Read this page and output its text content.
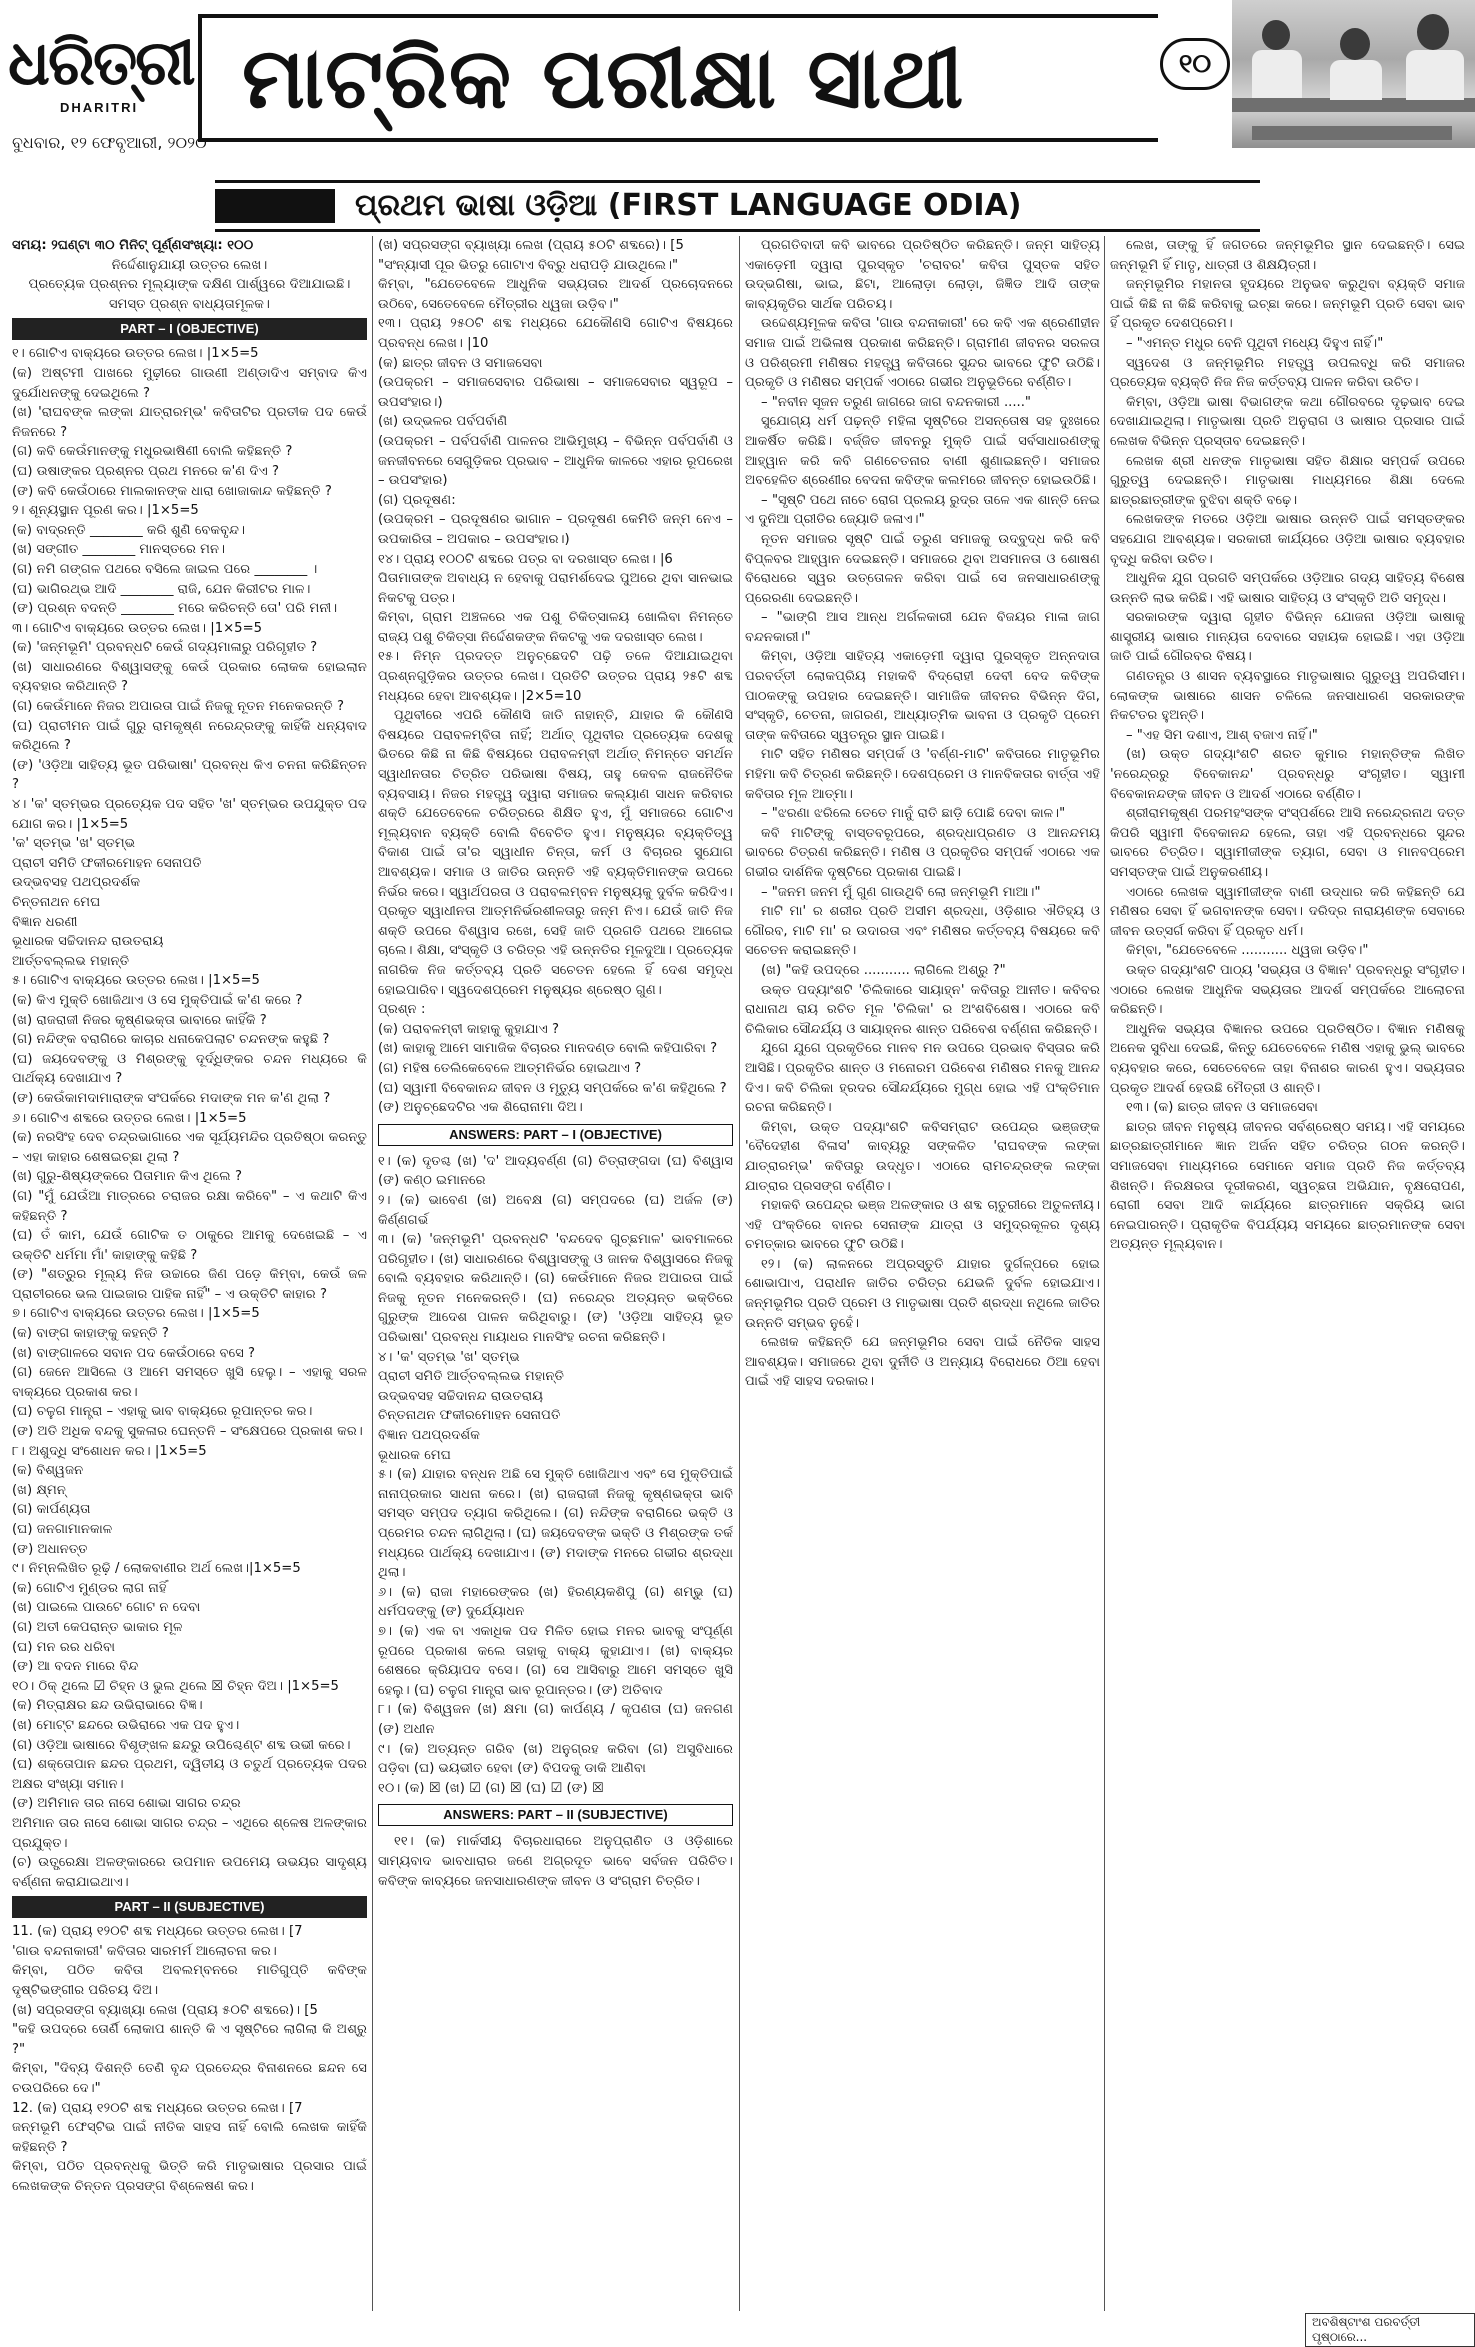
ଧରିତ୍ରୀ
DHARITRI
ବୁଧବାର, ୧୨ ଫେବୃଆରୀ, ୨୦୨୦
ମାଟ୍ରିକ ପରୀକ୍ଷା ସାଥୀ	୧୦
ପ୍ରଥମ ଭାଷା ଓଡ଼ିଆ (FIRST LANGUAGE ODIA)
ସମୟ: ୨ଘଣ୍ଟା ୩୦ ମିନିଟ୍ ପୂର୍ଣ୍ଣସଂଖ୍ୟା: ୧୦୦
ନିର୍ଦ୍ଦେଶାନୁଯାୟୀ ଉତ୍ତର ଲେଖ।
ପ୍ରତ୍ୟେକ ପ୍ରଶ୍ନର ମୂଲ୍ୟାଙ୍କ ଦକ୍ଷିଣ ପାର୍ଶ୍ୱରେ ଦିଆଯାଇଛି।
ସମସ୍ତ ପ୍ରଶ୍ନ ବାଧ୍ୟତାମୂଳକ।
PART – I (OBJECTIVE)
୧। ଗୋଟିଏ ବାକ୍ୟରେ ଉତ୍ତର ଲେଖ। |1×5=5
(କ) ଅଷ୍ଟମୀ ପାଖରେ ମୁଢ଼ୀରେ ଗାଉଣୀ ଅଣ୍ଡାଦିଏ ସମ୍ବାଦ କିଏ ଦୁର୍ଯୋଧନଙ୍କୁ ଦେଇଥିଲେ ?
(ଖ) 'ରାଘବଙ୍କ ଲଙ୍କା ଯାତ୍ରାରମ୍ଭ' କବିତାଟିର ପ୍ରତୀକ ପଦ କେଉଁ ନିଜନରେ ?
(ଗ) କବି କେଉଁମାନଙ୍କୁ ମଧୁରଭାଷିଣୀ ବୋଲି କହିଛନ୍ତି ?
(ଘ) ଉଷାଙ୍କର ପ୍ରଶ୍ନର ପ୍ରଥ ମନରେ କ'ଣ ଦିଏ ?
(ଙ) କବି କେଉଁଠାରେ ମାଲକାନଙ୍କ ଧାରା ଖୋଜାକାନ୍ଦ କହିଛନ୍ତି ?
୨। ଶୂନ୍ୟସ୍ଥାନ ପୂରଣ କର। |1×5=5
(କ) ବାଦ୍ରନ୍ତି ________ କରି ଶୁଣି ବେକବୃନ୍ଦ।
(ଖ) ସଙ୍ଗୀତ ________ ମାନସ୍ତରେ ମନ।
(ଗ) ନମି ଗଙ୍ଗଳ ପଥରେ ବସିଲେ ଜାଇଲ ପରେ ________ ।
(ଘ) ଭାଗିରଥ୍ଭ ଆଦି ________ ରାଜି, ଯେନ କିରୀଟର ମାଳ।
(ଙ) ପ୍ରଶ୍ନ ବଦନ୍ତି ________ ମରେ କରିଚନ୍ତି ତୋ' ପରି ମନୀ।
୩। ଗୋଟିଏ ବାକ୍ୟରେ ଉତ୍ତର ଲେଖ। |1×5=5
(କ) 'ଜନ୍ମଭୂମି' ପ୍ରବନ୍ଧଟି କେଉଁ ଗଦ୍ୟମାଳାରୁ ପରିଗୃହୀତ ?
(ଖ) ସାଧାରଣରେ ବିଶ୍ୱାସଙ୍କୁ କେଉଁ ପ୍ରକାର ଲୋକକ ହୋଇଲାନ ବ୍ୟବହାର କରିଥାନ୍ତି ?
(ଗ) କେଉଁମାନେ ନିଜର ଅପାରତା ପାଇଁ ନିଜକୁ ନୂତନ ମନେକରନ୍ତି ?
(ଘ) ପ୍ରାଚୀମନ ପାଇଁ ଗୁରୁ ରାମକୃଷ୍ଣ ନରେନ୍ଦ୍ରଙ୍କୁ କାହିଁକି ଧନ୍ୟବାଦ କରିଥିଲେ ?
(ଙ) 'ଓଡ଼ିଆ ସାହିତ୍ୟ ଭୂତ ପରିଭାଷା' ପ୍ରବନ୍ଧ କିଏ ଚନନା କରିଛିନ୍ତନ ?
୪। 'କ' ସ୍ତମ୍ଭର ପ୍ରତ୍ୟେକ ପଦ ସହିତ 'ଖ' ସ୍ତମ୍ଭର ଉପଯୁକ୍ତ ପଦ ଯୋଗ କର। |1×5=5
'କ' ସ୍ତମ୍ଭ 'ଖ' ସ୍ତମ୍ଭ
ପ୍ରାଚୀ ସମିତି ଫକୀରମୋହନ ସେନାପତି
ଉଦ୍ଭବସହ ପଥପ୍ରଦର୍ଶକ
ଚିନ୍ତନାଥନ ମେଘ
ବିଜ୍ଞାନ ଧରଣୀ
ଭୂଧାରକ ସଚ୍ଚିଦାନନ୍ଦ ରାଉତରାୟ
ଆର୍ତ୍ତବଲ୍ଲଭ ମହାନ୍ତି
୫। ଗୋଟିଏ ବାକ୍ୟରେ ଉତ୍ତର ଲେଖ। |1×5=5
(କ) କିଏ ମୁକ୍ତି ଖୋଜିଥାଏ ଓ ସେ ମୁକ୍ତିପାଇଁ କ'ଣ କରେ ?
(ଖ) ରାଜରାଜୀ ନିଜର କୃଷ୍ଣଭକ୍ତା ଭାବାରେ କାହିଁକି ?
(ଗ) ନନ୍ଦିଙ୍କ ବରାଗିରେ କାଚାର ଧନାକେପଲାଟ ଚନ୍ଦନଙ୍କ କହୁଛି ?
(ଘ) ଜୟଦେବଙ୍କୁ ଓ ମିଶ୍ରଙ୍କୁ ଦୂର୍ଦ୍ଧିଙ୍କର ଚନ୍ଦନ ମଧ୍ୟରେ କି ପାର୍ଥକ୍ୟ ଦେଖାଯାଏ ?
(ଙ) କେଉଁକାମଦାମାରାଙ୍କ ସଂପର୍କରେ ମଦାଙ୍କ ମନ କ'ଣ ଥିଲା ?
୬। ଗୋଟିଏ ଶବ୍ଦରେ ଉତ୍ତର ଲେଖ। |1×5=5
(କ) ନରସିଂହ ଦେବ ଚନ୍ଦ୍ରଭାଗାରେ ଏକ ସୂର୍ଯ୍ୟମନ୍ଦିର ପ୍ରତିଷ୍ଠା କରନ୍ତୁ – ଏହା କାହାର ଶେଷଇଚ୍ଛା ଥିଲା ?
(ଖ) ଗୁରୁ-ଶିଷ୍ୟଙ୍କରେ ପିତାମାନ କିଏ ଥିଲେ ?
(ଗ) "ମୁଁ ଯେଉଁଆ ମାତ୍ରରେ ଚରାଜର ରକ୍ଷା କରିବେ" – ଏ କଥାଟି କିଏ କହିଛନ୍ତି ?
(ଘ) ତଁ କାମ, ଯେଉଁ ଗୋଟିକ ତ ଠାକୁରେ ଆମକୁ ଦେଖେଇଛି – ଏ ଉକ୍ତିଟି ଧର୍ମମା ମାଁ' କାହାଙ୍କୁ କହିଛି ?
(ଙ) "ଶତ୍ରୁର ମୂଲ୍ୟ ନିଜ ଉଚ୍ଚାରେ ଜିଣ ପଡ଼େ କିମ୍ବା, କେଉଁ ଜଳ ପ୍ରାଚୀରରେ ଭଲ ପାଇଜାର ପାହିକ ନାହିଁ" – ଏ ଉକ୍ତିଟି କାହାର ?
୭। ଗୋଟିଏ ବାକ୍ୟରେ ଉତ୍ତର ଲେଖ। |1×5=5
(କ) ବାଙ୍ଗ କାହାଙ୍କୁ କହନ୍ତି ?
(ଖ) ବାଙ୍ଗାଳରେ ସବାନ ପଦ କେଉଁଠାରେ ବସେ ?
(ଗ) ଜେନେ ଆସିଲେ ଓ ଆମେ ସମସ୍ତେ ଖୁସି ହେଲୁ। – ଏହାକୁ ସରଳ ବାକ୍ୟରେ ପ୍ରକାଶ କର।
(ଘ) ଚଳୁଗ ମାନ୍ତ୍ରା – ଏହାକୁ ଭାବ ବାକ୍ୟରେ ରୂପାନ୍ତର କର।
(ଙ) ଅତି ଅଧିକ ବନ୍ଦକୁ ସୁକଳାର ଘେନ୍ତନି – ସଂକ୍ଷେପରେ ପ୍ରକାଶ କର।
୮। ଅଶୁଦ୍ଧି ସଂଶୋଧନ କର। |1×5=5
(କ) ବିଶ୍ୱଜନ
(ଖ) କ୍ଷ୍ମନ୍
(ଗ) କାର୍ପଣ୍ୟତା
(ଘ) ଜନଗାମାନକାଳ
(ଙ) ଅଧାନତ୍ତ
୯। ନିମ୍ନଲିଖିତ ରୂଢ଼ି / ଲୋକବାଣୀର ଅର୍ଥ ଲେଖ।|1×5=5
(କ) ଗୋଟିଏ ମୁଣ୍ଡର ଲାଗ ନାହିଁ
(ଖ) ପାଇଲେ ପାଉଟେ ଗୋଟ ନ ଦେବା
(ଗ) ଅତୀ କେପରାନ୍ତ ଭାକାର ମୂଳ
(ଘ) ମନ ରର ଧରିବା
(ଙ) ଆ ବଦନ ମାରେ ବିନ୍ଦ
୧୦। ଠିକ୍ ଥିଲେ ☑ ଚିହ୍ନ ଓ ଭୁଲ ଥିଲେ ☒ ଚିହ୍ନ ଦିଅ। |1×5=5
(କ) ମିତ୍ରାକ୍ଷର ଛନ୍ଦ ଉଭିରାଭାରେ ବିଜ୍ଞ।
(ଖ) ମୋଟ୍ଟ ଛନ୍ଦରେ ଉଭିରାରେ ଏକ ପଦ ହୁଏ।
(ଗ) ଓଡ଼ିଆ ଭାଷାରେ ବିଶୃଙ୍ଖଳ ଛନ୍ଦରୁ ଉପିଶ୍ଚେଣ୍ଟ ଶବ୍ଦ ଉଭୀ କରେ।
(ଘ) ଶକ୍ତୋପାନ ଛନ୍ଦର ପ୍ରଥମ, ଦ୍ୱିତୀୟ ଓ ଚତୁର୍ଥ ପ୍ରତ୍ୟେକ ପଦର ଅକ୍ଷର ସଂଖ୍ୟା ସମାନ।
(ଙ) ଅମିମାନ ତାର ନାସେ ଶୋଭା ସାଗର ଚନ୍ଦ୍ର
ଅମିମାନ ତାର ନାସେ ଶୋଭା ସାଗର ଚନ୍ଦ୍ର – ଏଥିରେ ଶ୍ଳେଷ ଅଳଙ୍କାର ପ୍ରଯୁକ୍ତ।
(ଚ) ଉତ୍ପ୍ରେକ୍ଷା ଅଳଙ୍କାରରେ ଉପମାନ ଉପମେୟ ଉଭୟର ସାଦୃଶ୍ୟ ବର୍ଣ୍ଣନା କରାଯାଇଥାଏ।
PART – II (SUBJECTIVE)
11. (କ) ପ୍ରାୟ ୧୨୦ଟି ଶବ୍ଦ ମଧ୍ୟରେ ଉତ୍ତର ଲେଖ। [7
'ଗାଉ ବନ୍ଦନାକାରୀ' କବିତାର ସାରମର୍ମ ଆଲୋଚନା କର।
କିମ୍ବା, ପଠିତ କବିତା ଅବଲମ୍ବନରେ ମାତିଗୁପ୍ତି କବିଙ୍କ ଦୃଷ୍ଟିଭଙ୍ଗୀର ପରିଚୟ ଦିଅ।
(ଖ) ସପ୍ରସଙ୍ଗ ବ୍ୟାଖ୍ୟା ଲେଖ (ପ୍ରାୟ ୫୦ଟି ଶବ୍ଦରେ)। [5
"କହି ଉପଦ୍ରେ ତୋର୍ଣି ଲୋକାପ ଶାନ୍ତି କି ଏ ସୃଷ୍ଟିରେ ଲାଗିଲା କି ଅଶ୍ରୁ ?"
କିମ୍ବା, "ଦିବ୍ୟ ଦିଶନ୍ତି ତେଣି ବୃନ୍ଦ ପ୍ରତେନ୍ଦ୍ର ବିନାଶନରେ ଛନ୍ଦନ ସେ ଚଉପରିରେ ଦେ।"
12. (କ) ପ୍ରାୟ ୧୨୦ଟି ଶବ୍ଦ ମଧ୍ୟରେ ଉତ୍ତର ଲେଖ। [7
ଜନ୍ମଭୂମି ଫେସ୍ଟିଭ ପାଇଁ ନୀତିକ ସାହସ ନାହିଁ ବୋଲି ଲେଖକ କାହିଁକି କହିଛନ୍ତି ?
କିମ୍ବା, ପଠିତ ପ୍ରବନ୍ଧକୁ ଭିତ୍ତି କରି ମାତୃଭାଷାର ପ୍ରସାର ପାଇଁ ଲେଖକଙ୍କ ଚିନ୍ତନ ପ୍ରସଙ୍ଗ ବିଶ୍ଳେଷଣ କର।
(ଖ) ସପ୍ରସଙ୍ଗ ବ୍ୟାଖ୍ୟା ଲେଖ (ପ୍ରାୟ ୫୦ଟି ଶବ୍ଦରେ)। [5
"ସଂନ୍ୟାସୀ ପୂର ଭିତରୁ ଗୋଟାଏ ବିବ୍ରୁ ଧରାପଡ଼ି ଯାଉଥିଲେ।"
କିମ୍ବା, "ଯେତେବେଳେ ଆଧୁନିକ ସଭ୍ୟତାର ଆଦର୍ଶ ପ୍ରଚୋଦନରେ ଉଠିବେ, ସେତେବେଳେ ମୈତ୍ରୀର ଧ୍ୱଜା ଉଡ଼ିବ।"
୧୩। ପ୍ରାୟ ୨୫୦ଟି ଶବ୍ଦ ମଧ୍ୟରେ ଯେକୌଣସି ଗୋଟିଏ ବିଷୟରେ ପ୍ରବନ୍ଧ ଲେଖ। |10
(କ) ଛାତ୍ର ଜୀବନ ଓ ସମାଜସେବା
(ଉପକ୍ରମ – ସମାଜସେବାର ପରିଭାଷା – ସମାଜସେବାର ସ୍ୱରୂପ – ଉପସଂହାର।)
(ଖ) ଉଦ୍ଭଳର ପର୍ବପର୍ବାଣି
(ଉପକ୍ରମ – ପର୍ବପର୍ବାଣି ପାଳନର ଆଭିମୁଖ୍ୟ – ବିଭିନ୍ନ ପର୍ବପର୍ବାଣି ଓ ଜନଜୀବନରେ ସେଗୁଡ଼ିକର ପ୍ରଭାବ – ଆଧୁନିକ କାଳରେ ଏହାର ରୂପରେଖ – ଉପସଂହାର)
(ଗ) ପ୍ରଦୂଷଣ:
(ଉପକ୍ରମ – ପ୍ରଦୂଷଣର ଭାଗାନ – ପ୍ରଦୂଷଣ କେମିତି ଜନ୍ମ ନେଏ – ଉପକାରିତା – ଅପକାର – ଉପସଂହାର।)
୧୪। ପ୍ରାୟ ୧୦୦ଟି ଶବ୍ଦରେ ପତ୍ର ବା ଦରଖାସ୍ତ ଲେଖ। |6
ପିତାମାତାଙ୍କ ଅବାଧ୍ୟ ନ ହେବାକୁ ପରାମର୍ଶଦେଇ ପୁଅରେ ଥିବା ସାନଭାଇ ନିକଟକୁ ପତ୍ର।
କିମ୍ବା, ଗ୍ରାମ ଅଞ୍ଚଳରେ ଏକ ପଶୁ ଚିକିତ୍ସାଳୟ ଖୋଲିବା ନିମନ୍ତେ ରାଜ୍ୟ ପଶୁ ଚିକିତ୍ସା ନିର୍ଦ୍ଦେଶକଙ୍କ ନିକଟକୁ ଏକ ଦରଖାସ୍ତ ଲେଖ।
୧୫। ନିମ୍ନ ପ୍ରଦତ୍ତ ଅନୁଚ୍ଛେଦଟି ପଢ଼ି ତଳେ ଦିଆଯାଇଥିବା ପ୍ରଶ୍ନଗୁଡ଼ିକର ଉତ୍ତର ଲେଖ। ପ୍ରତିଟି ଉତ୍ତର ପ୍ରାୟ ୨୫ଟି ଶବ୍ଦ ମଧ୍ୟରେ ହେବା ଆବଶ୍ୟକ। |2×5=10
ପୃଥିବୀରେ ଏପରି କୌଣସି ଜାତି ନାହାନ୍ତି, ଯାହାର କି କୌଣସି ବିଷୟରେ ପରାବଳମ୍ବିତା ନାହିଁ; ଅର୍ଥାତ୍ ପୃଥିବୀର ପ୍ରତ୍ୟେକ ଦେଶକୁ ଭିତରେ କିଛି ନା କିଛି ବିଷୟରେ ପରାବଳମ୍ବୀ ଅର୍ଥାତ୍ ନିମନ୍ତେ ସମର୍ଥନ ସ୍ୱାଧୀନତାର ଚିତ୍ରିତ ପରିଭାଷା ବିଷୟ, ତାହୁ କେବଳ ରାଜନୈତିକ ବ୍ୟବସାୟ। ନିଜର ମହତ୍ତ୍ୱ ଦ୍ୱାରା ସମାଜର କଲ୍ୟାଣ ସାଧନ କରିବାର ଶକ୍ତି ଯେତେବେଳେ ଚରିତ୍ରରେ ଶିକ୍ଷିତ ହୁଏ, ମୁଁ ସମାଜରେ ଗୋଟିଏ ମୂଲ୍ୟବାନ ବ୍ୟକ୍ତି ବୋଲି ବିବେଚିତ ହୁଏ। ମନୁଷ୍ୟର ବ୍ୟକ୍ତିତ୍ୱ ବିକାଶ ପାଇଁ ତା'ର ସ୍ୱାଧୀନ ଚିନ୍ତା, କର୍ମ ଓ ବିଚାରର ସୁଯୋଗ ଆବଶ୍ୟକ। ସମାଜ ଓ ଜାତିର ଉନ୍ନତି ଏହି ବ୍ୟକ୍ତିମାନଙ୍କ ଉପରେ ନିର୍ଭର କରେ। ସ୍ୱାର୍ଥପରତା ଓ ପରାବଲମ୍ବନ ମନୁଷ୍ୟକୁ ଦୁର୍ବଳ କରିଦିଏ। ପ୍ରକୃତ ସ୍ୱାଧୀନତା ଆତ୍ମନିର୍ଭରଶୀଳତାରୁ ଜନ୍ମ ନିଏ। ଯେଉଁ ଜାତି ନିଜ ଶକ୍ତି ଉପରେ ବିଶ୍ୱାସ ରଖେ, ସେହି ଜାତି ପ୍ରଗତି ପଥରେ ଆଗେଇ ଚାଲେ। ଶିକ୍ଷା, ସଂସ୍କୃତି ଓ ଚରିତ୍ର ଏହି ଉନ୍ନତିର ମୂଳଦୁଆ। ପ୍ରତ୍ୟେକ ନାଗରିକ ନିଜ କର୍ତ୍ତବ୍ୟ ପ୍ରତି ସଚେତନ ହେଲେ ହିଁ ଦେଶ ସମୃଦ୍ଧ ହୋଇପାରିବ। ସ୍ୱଦେଶପ୍ରେମ ମନୁଷ୍ୟର ଶ୍ରେଷ୍ଠ ଗୁଣ।
ପ୍ରଶ୍ନ :
(କ) ପରାବଳମ୍ବୀ କାହାକୁ କୁହାଯାଏ ?
(ଖ) କାହାକୁ ଆମେ ସାମାଜିକ ବିଚାରର ମାନଦଣ୍ଡ ବୋଲି କହିପାରିବା ?
(ଗ) ମହିଷ ତେଲିକେବେଳେ ଆତ୍ମନିର୍ଭର ହୋଇଥାଏ ?
(ଘ) ସ୍ୱାମୀ ବିବେକାନନ୍ଦ ଜୀବନ ଓ ମୃତ୍ୟୁ ସମ୍ପର୍କରେ କ'ଣ କହିଥିଲେ ?
(ଙ) ଅନୁଚ୍ଛେଦଟିର ଏକ ଶିରୋନାମା ଦିଅ।
ANSWERS: PART – I (OBJECTIVE)
୧। (କ) ଦୃତଶ୍ଚ (ଖ) 'ଦ' ଆଦ୍ୟବର୍ଣ୍ଣ (ଗ) ଚିତ୍ରାଙ୍ଗଦା (ଘ) ବିଶ୍ୱାସ (ଙ) କଣ୍ଠ ଇମାନରେ
୨। (କ) ଭାବେଣ (ଖ) ଅବେକ୍ଷ (ଗ) ସମ୍ପଦରେ (ଘ) ଅର୍ଜଳ (ଙ) କିର୍ଣ୍ଣଗର୍ଭ
୩। (କ) 'ଜନ୍ମଭୂମି' ପ୍ରବନ୍ଧଟି 'ବନ୍ଦଦେବ ଗୁଚ୍ଛମାଳ' ଭାବମାଳରେ ପରିଗୃହୀତ। (ଖ) ସାଧାରଣରେ ବିଶ୍ୱାସଙ୍କୁ ଓ ଜାନକ ବିଶ୍ୱାସରେ ନିଜକୁ ବୋଲି ବ୍ୟବହାର କରିଥାନ୍ତି। (ଗ) କେଉଁମାନେ ନିଜର ଅପାରତା ପାଇଁ ନିଜକୁ ନୂତନ ମନେକରନ୍ତି। (ଘ) ନରେନ୍ଦ୍ର ଅତ୍ୟନ୍ତ ଭକ୍ତିରେ ଗୁରୁଙ୍କ ଆଦେଶ ପାଳନ କରିଥିବାରୁ। (ଙ) 'ଓଡ଼ିଆ ସାହିତ୍ୟ ଭୂତ ପରିଭାଷା' ପ୍ରବନ୍ଧ ମାୟାଧର ମାନସିଂହ ରଚନା କରିଛନ୍ତି।
୪। 'କ' ସ୍ତମ୍ଭ 'ଖ' ସ୍ତମ୍ଭ
ପ୍ରାଚୀ ସମିତି ଆର୍ତ୍ତବଲ୍ଲଭ ମହାନ୍ତି
ଉଦ୍ଭବସହ ସଚ୍ଚିଦାନନ୍ଦ ରାଉତରାୟ
ଚିନ୍ତନାଥନ ଫକୀରମୋହନ ସେନାପତି
ବିଜ୍ଞାନ ପଥପ୍ରଦର୍ଶକ
ଭୂଧାରକ ମେଘ
୫। (କ) ଯାହାର ବନ୍ଧନ ଅଛି ସେ ମୁକ୍ତି ଖୋଜିଥାଏ ଏବଂ ସେ ମୁକ୍ତିପାଇଁ ନାନାପ୍ରକାର ସାଧନା କରେ। (ଖ) ରାଜରାଜୀ ନିଜକୁ କୃଷ୍ଣଭକ୍ତା ଭାବି ସମସ୍ତ ସମ୍ପଦ ତ୍ୟାଗ କରିଥିଲେ। (ଗ) ନନ୍ଦିଙ୍କ ବରାଗିରେ ଭକ୍ତି ଓ ପ୍ରେମର ଚନ୍ଦନ ଲାଗିଥିଲା। (ଘ) ଜୟଦେବଙ୍କ ଭକ୍ତି ଓ ମିଶ୍ରଙ୍କ ତର୍କ ମଧ୍ୟରେ ପାର୍ଥକ୍ୟ ଦେଖାଯାଏ। (ଙ) ମଦାଙ୍କ ମନରେ ଗଭୀର ଶ୍ରଦ୍ଧା ଥିଲା।
୬। (କ) ରାଜା ମହାରେଙ୍କର (ଖ) ହିରଣ୍ୟକଶିପୁ (ଗ) ଶମ୍ଭୁ (ଘ) ଧର୍ମପଦଙ୍କୁ (ଙ) ଦୁର୍ଯ୍ୟୋଧନ
୭। (କ) ଏକ ବା ଏକାଧିକ ପଦ ମିଳିତ ହୋଇ ମନର ଭାବକୁ ସଂପୂର୍ଣ୍ଣ ରୂପରେ ପ୍ରକାଶ କଲେ ତାହାକୁ ବାକ୍ୟ କୁହାଯାଏ। (ଖ) ବାକ୍ୟର ଶେଷରେ କ୍ରିୟାପଦ ବସେ। (ଗ) ସେ ଆସିବାରୁ ଆମେ ସମସ୍ତେ ଖୁସି ହେଲୁ। (ଘ) ଚଳୁଗ ମାନ୍ତ୍ରା ଭାବ ରୂପାନ୍ତର। (ଙ) ଅତିବାଦ
୮। (କ) ବିଶ୍ୱଜନ (ଖ) କ୍ଷମା (ଗ) କାର୍ପଣ୍ୟ / କୃପଣତା (ଘ) ଜନଗଣ (ଙ) ଅଧୀନ
୯। (କ) ଅତ୍ୟନ୍ତ ଗରିବ (ଖ) ଅନୁଗ୍ରହ କରିବା (ଗ) ଅସୁବିଧାରେ ପଡ଼ିବା (ଘ) ଭୟଭୀତ ହେବା (ଙ) ବିପଦକୁ ଡାକି ଆଣିବା
୧୦। (କ) ☒ (ଖ) ☑ (ଗ) ☒ (ଘ) ☑ (ଙ) ☒
ANSWERS: PART – II (SUBJECTIVE)
୧୧। (କ) ମାର୍କସୀୟ ବିଚାରଧାରାରେ ଅନୁପ୍ରାଣିତ ଓ ଓଡ଼ିଶାରେ ସାମ୍ୟବାଦ ଭାବଧାରାର ଜଣେ ଅଗ୍ରଦୂତ ଭାବେ ସର୍ବଜନ ପରିଚିତ। କବିଙ୍କ କାବ୍ୟରେ ଜନସାଧାରଣଙ୍କ ଜୀବନ ଓ ସଂଗ୍ରାମ ଚିତ୍ରିତ।
ପ୍ରଗତିବାଦୀ କବି ଭାବରେ ପ୍ରତିଷ୍ଠିତ କରିଛନ୍ତି। ଜନ୍ମ ସାହିତ୍ୟ ଏକାଡ଼େମୀ ଦ୍ୱାରା ପୁରସ୍କୃତ 'ଚରାବର' କବିତା ପୁସ୍ତକ ସହିତ ଉଦ୍ଭଗିଷା, ଭାଇ, ଛିଟା, ଆଲୋଡ଼ା ଲୋଡ଼ା, ଜିଜ୍ଞିଡ ଆଦି ତାଙ୍କ କାବ୍ୟକୃତିର ସାର୍ଥକ ପରିଚୟ।
ଉଦ୍ଦେଶ୍ୟମୂଳକ କବିତା 'ଗାଉ ବନ୍ଦନାକାରୀ' ରେ କବି ଏକ ଶ୍ରେଣୀହୀନ ସମାଜ ପାଇଁ ଅଭିଳାଷ ପ୍ରକାଶ କରିଛନ୍ତି। ଗ୍ରାମୀଣ ଜୀବନର ସରଳତା ଓ ପରିଶ୍ରମୀ ମଣିଷର ମହତ୍ତ୍ୱ କବିତାରେ ସୁନ୍ଦର ଭାବରେ ଫୁଟି ଉଠିଛି। ପ୍ରକୃତି ଓ ମଣିଷର ସମ୍ପର୍କ ଏଠାରେ ଗଭୀର ଅନୁଭୂତିରେ ବର୍ଣ୍ଣିତ।
– "ନବୀନ ସୂଜନ ତରୁଣ ଜାଗରେ ଜାଗ ବନ୍ଦନକାରୀ ....."
ସୁଯୋଗ୍ୟ ଧର୍ମ ପଢ଼ନ୍ତି ମହିଳା ସୃଷ୍ଟିରେ ଅସନ୍ତୋଷ ସହ ଦୁଃଖରେ ଆକର୍ଷିତ କରିଛି। ବର୍ଜ୍ଜିତ ଜୀବନରୁ ମୁକ୍ତି ପାଇଁ ସର୍ବସାଧାରଣଙ୍କୁ ଆହ୍ୱାନ କରି କବି ଗଣଚେତନାର ବାଣୀ ଶୁଣାଇଛନ୍ତି। ସମାଜର ଅବହେଳିତ ଶ୍ରେଣୀର ବେଦନା କବିଙ୍କ କଲମରେ ଜୀବନ୍ତ ହୋଇଉଠିଛି।
– "ସୃଷ୍ଟି ପଥେ ନାଚେ ରୋଗ ପ୍ରଲୟ ରୁଦ୍ର ତାଳେ ଏକ ଶାନ୍ତି ନେଇ ଏ ଦୁନିଆ ପ୍ରୀତିର ଜ୍ୟୋତି ଜଳାଏ।"
ନୂତନ ସମାଜର ସୃଷ୍ଟି ପାଇଁ ତରୁଣ ସମାଜକୁ ଉଦ୍ବୁଦ୍ଧ କରି କବି ବିପ୍ଳବର ଆହ୍ୱାନ ଦେଇଛନ୍ତି। ସମାଜରେ ଥିବା ଅସମାନତା ଓ ଶୋଷଣ ବିରୋଧରେ ସ୍ୱର ଉତ୍ତୋଳନ କରିବା ପାଇଁ ସେ ଜନସାଧାରଣଙ୍କୁ ପ୍ରେରଣା ଦେଇଛନ୍ତି।
– "ଭାଙ୍ଗି ଆସ ଆନ୍ଧ ଅର୍ଗଳକାରୀ ଯେନ ବିଜୟର ମାଳା ଜାଗ ବନ୍ଦନକାରୀ।"
କିମ୍ବା, ଓଡ଼ିଆ ସାହିତ୍ୟ ଏକାଡ଼େମୀ ଦ୍ୱାରା ପୁରସ୍କୃତ ଅନ୍ନଦାତା ପରବର୍ତ୍ତୀ ଲୋକପ୍ରିୟ ମହାକବି ବିଦ୍ରୋହୀ ଦେବୀ ବେଦ କବିଙ୍କ ପାଠକଙ୍କୁ ଉପହାର ଦେଇଛନ୍ତି। ସାମାଜିକ ଜୀବନର ବିଭିନ୍ନ ଦିଗ, ସଂସ୍କୃତି, ଚେତନା, ଜାଗରଣ, ଆଧ୍ୟାତ୍ମିକ ଭାବନା ଓ ପ୍ରକୃତି ପ୍ରେମ ତାଙ୍କ କବିତାରେ ସ୍ୱତନ୍ତ୍ର ସ୍ଥାନ ପାଇଛି।
ମାଟି ସହିତ ମଣିଷର ସମ୍ପର୍କ ଓ 'ବର୍ଣ୍ଣ-ମାଟି' କବିତାରେ ମାତୃଭୂମିର ମହିମା କବି ଚିତ୍ରଣ କରିଛନ୍ତି। ଦେଶପ୍ରେମ ଓ ମାନବିକତାର ବାର୍ତ୍ତା ଏହି କବିତାର ମୂଳ ଆତ୍ମା।
– "ଝରଣା ଝରିଲେ ତେତେ ମାନୁଁ ରାତି ଛାଡ଼ି ପୋଛି ଦେବା କାଳ।"
କବି ମାଟିଙ୍କୁ ବାସ୍ତବରୂପରେ, ଶ୍ରଦ୍ଧାପ୍ରଣତ ଓ ଆନନ୍ଦମୟ ଭାବରେ ଚିତ୍ରଣ କରିଛନ୍ତି। ମଣିଷ ଓ ପ୍ରକୃତିର ସମ୍ପର୍କ ଏଠାରେ ଏକ ଗଭୀର ଦାର୍ଶନିକ ଦୃଷ୍ଟିରେ ପ୍ରକାଶ ପାଇଛି।
– "ଜନମ ଜନମ ମୁଁ ଗୁଣ ଗାଉଥିବି ଲୋ ଜନ୍ମଭୂମି ମାଆ।"
ମାଟି ମା' ର ଶରୀର ପ୍ରତି ଅସୀମ ଶ୍ରଦ୍ଧା, ଓଡ଼ିଶାର ଐତିହ୍ୟ ଓ ଗୌରବ, ମାଟି ମା' ର ଉଦାରତା ଏବଂ ମଣିଷର କର୍ତ୍ତବ୍ୟ ବିଷୟରେ କବି ସଚେତନ କରାଇଛନ୍ତି।
(ଖ) "କହି ଉପଦ୍ରେ ........... ଲାଗିଲେ ଅଶ୍ରୁ ?"
ଉକ୍ତ ପଦ୍ୟାଂଶଟି 'ଚିଲିକାରେ ସାୟାହ୍ନ' କବିତାରୁ ଆନୀତ। କବିବର ରାଧାନାଥ ରାୟ ରଚିତ ମୂଳ 'ଚିଲିକା' ର ଅଂଶବିଶେଷ। ଏଠାରେ କବି ଚିଲିକାର ସୌନ୍ଦର୍ଯ୍ୟ ଓ ସାୟାହ୍ନର ଶାନ୍ତ ପରିବେଶ ବର୍ଣ୍ଣନା କରିଛନ୍ତି।
ଯୁଗେ ଯୁଗେ ପ୍ରକୃତିରେ ମାନବ ମନ ଉପରେ ପ୍ରଭାବ ବିସ୍ତାର କରି ଆସିଛି। ପ୍ରକୃତିର ଶାନ୍ତ ଓ ମନୋରମ ପରିବେଶ ମଣିଷର ମନକୁ ଆନନ୍ଦ ଦିଏ। କବି ଚିଲିକା ହ୍ରଦର ସୌନ୍ଦର୍ଯ୍ୟରେ ମୁଗ୍ଧ ହୋଇ ଏହି ପଂକ୍ତିମାନ ରଚନା କରିଛନ୍ତି।
କିମ୍ବା, ଉକ୍ତ ପଦ୍ୟାଂଶଟି କବିସମ୍ରାଟ ଉପେନ୍ଦ୍ର ଭଞ୍ଜଙ୍କ 'ବୈଦେହୀଶ ବିଳାସ' କାବ୍ୟରୁ ସଙ୍କଳିତ 'ରାଘବଙ୍କ ଲଙ୍କା ଯାତ୍ରାରମ୍ଭ' କବିତାରୁ ଉଦ୍ଧୃତ। ଏଠାରେ ରାମଚନ୍ଦ୍ରଙ୍କ ଲଙ୍କା ଯାତ୍ରାର ପ୍ରସଙ୍ଗ ବର୍ଣ୍ଣିତ।
ମହାକବି ଉପେନ୍ଦ୍ର ଭଞ୍ଜ ଅଳଙ୍କାର ଓ ଶବ୍ଦ ଚାତୁରୀରେ ଅତୁଳନୀୟ। ଏହି ପଂକ୍ତିରେ ବାନର ସେନାଙ୍କ ଯାତ୍ରା ଓ ସମୁଦ୍ରକୂଳର ଦୃଶ୍ୟ ଚମତ୍କାର ଭାବରେ ଫୁଟି ଉଠିଛି।
୧୨। (କ) ଲାଳନରେ ଅପ୍ରସ୍ତୁତି ଯାହାର ଦୁର୍ଗଳ୍ପରେ ହୋଇ ଶୋଭାପାଏ, ପରାଧୀନ ଜାତିର ଚରିତ୍ର ଯେଭଳି ଦୁର୍ବଳ ହୋଇଯାଏ। ଜନ୍ମଭୂମିର ପ୍ରତି ପ୍ରେମ ଓ ମାତୃଭାଷା ପ୍ରତି ଶ୍ରଦ୍ଧା ନଥିଲେ ଜାତିର ଉନ୍ନତି ସମ୍ଭବ ନୁହେଁ।
ଲେଖକ କହିଛନ୍ତି ଯେ ଜନ୍ମଭୂମିର ସେବା ପାଇଁ ନୈତିକ ସାହସ ଆବଶ୍ୟକ। ସମାଜରେ ଥିବା ଦୁର୍ନୀତି ଓ ଅନ୍ୟାୟ ବିରୋଧରେ ଠିଆ ହେବା ପାଇଁ ଏହି ସାହସ ଦରକାର।
ଲେଖ, ତାଙ୍କୁ ହିଁ ଜଗତରେ ଜନ୍ମଭୂମିର ସ୍ଥାନ ଦେଇଛନ୍ତି। ସେଇ ଜନ୍ମଭୂମି ହିଁ ମାତୃ, ଧାତ୍ରୀ ଓ ଶିକ୍ଷୟିତ୍ରୀ।
ଜନ୍ମଭୂମିର ମହାନତା ହୃଦୟରେ ଅନୁଭବ କରୁଥିବା ବ୍ୟକ୍ତି ସମାଜ ପାଇଁ କିଛି ନା କିଛି କରିବାକୁ ଇଚ୍ଛା କରେ। ଜନ୍ମଭୂମି ପ୍ରତି ସେବା ଭାବ ହିଁ ପ୍ରକୃତ ଦେଶପ୍ରେମ।
– "ଏମନ୍ତ ମଧୁର ବେନି ପୃଥିବୀ ମଧ୍ୟେ ଦିହୁଏ ନାହିଁ।"
ସ୍ୱଦେଶ ଓ ଜନ୍ମଭୂମିର ମହତ୍ତ୍ୱ ଉପଲବ୍ଧି କରି ସମାଜର ପ୍ରତ୍ୟେକ ବ୍ୟକ୍ତି ନିଜ ନିଜ କର୍ତ୍ତବ୍ୟ ପାଳନ କରିବା ଉଚିତ।
କିମ୍ବା, ଓଡ଼ିଆ ଭାଷା ବିଭାଗଙ୍କ କଥା ଗୌରବରେ ଦୃଢ଼ଭାବ ଦେଇ ଦେଖାଯାଇଥିଲା। ମାତୃଭାଷା ପ୍ରତି ଅନୁରାଗ ଓ ଭାଷାର ପ୍ରସାର ପାଇଁ ଲେଖକ ବିଭିନ୍ନ ପ୍ରସ୍ତାବ ଦେଇଛନ୍ତି।
ଲେଖକ ଶ୍ରୀ ଧନଙ୍କ ମାତୃଭାଷା ସହିତ ଶିକ୍ଷାର ସମ୍ପର୍କ ଉପରେ ଗୁରୁତ୍ୱ ଦେଇଛନ୍ତି। ମାତୃଭାଷା ମାଧ୍ୟମରେ ଶିକ୍ଷା ଦେଲେ ଛାତ୍ରଛାତ୍ରୀଙ୍କ ବୁଝିବା ଶକ୍ତି ବଢ଼େ।
ଲେଖକଙ୍କ ମତରେ ଓଡ଼ିଆ ଭାଷାର ଉନ୍ନତି ପାଇଁ ସମସ୍ତଙ୍କର ସହଯୋଗ ଆବଶ୍ୟକ। ସରକାରୀ କାର୍ଯ୍ୟରେ ଓଡ଼ିଆ ଭାଷାର ବ୍ୟବହାର ବୃଦ୍ଧି କରିବା ଉଚିତ।
ଆଧୁନିକ ଯୁଗ ପ୍ରଗତି ସମ୍ପର୍କରେ ଓଡ଼ିଆର ଗଦ୍ୟ ସାହିତ୍ୟ ବିଶେଷ ଉନ୍ନତି ଲାଭ କରିଛି। ଏହି ଭାଷାର ସାହିତ୍ୟ ଓ ସଂସ୍କୃତି ଅତି ସମୃଦ୍ଧ।
ସରକାରଙ୍କ ଦ୍ୱାରା ଗୃହୀତ ବିଭିନ୍ନ ଯୋଜନା ଓଡ଼ିଆ ଭାଷାକୁ ଶାସ୍ତ୍ରୀୟ ଭାଷାର ମାନ୍ୟତା ଦେବାରେ ସହାୟକ ହୋଇଛି। ଏହା ଓଡ଼ିଆ ଜାତି ପାଇଁ ଗୌରବର ବିଷୟ।
ଗଣତନ୍ତ୍ର ଓ ଶାସନ ବ୍ୟବସ୍ଥାରେ ମାତୃଭାଷାର ଗୁରୁତ୍ୱ ଅପରିସୀମ। ଲୋକଙ୍କ ଭାଷାରେ ଶାସନ ଚଳିଲେ ଜନସାଧାରଣ ସରକାରଙ୍କ ନିକଟତର ହୁଅନ୍ତି।
– "ଏହ ସିମ ଦଶାଏ, ଆଶ୍ ବଜାଏ ନାହିଁ।"
(ଖ) ଉକ୍ତ ଗଦ୍ୟାଂଶଟି ଶରତ କୁମାର ମହାନ୍ତିଙ୍କ ଲିଖିତ 'ନରେନ୍ଦ୍ରରୁ ବିବେକାନନ୍ଦ' ପ୍ରବନ୍ଧରୁ ସଂଗୃହୀତ। ସ୍ୱାମୀ ବିବେକାନନ୍ଦଙ୍କ ଜୀବନ ଓ ଆଦର୍ଶ ଏଠାରେ ବର୍ଣ୍ଣିତ।
ଶ୍ରୀରାମକୃଷ୍ଣ ପରମହଂସଙ୍କ ସଂସ୍ପର୍ଶରେ ଆସି ନରେନ୍ଦ୍ରନାଥ ଦତ୍ତ କିପରି ସ୍ୱାମୀ ବିବେକାନନ୍ଦ ହେଲେ, ତାହା ଏହି ପ୍ରବନ୍ଧରେ ସୁନ୍ଦର ଭାବରେ ଚିତ୍ରିତ। ସ୍ୱାମୀଜୀଙ୍କ ତ୍ୟାଗ, ସେବା ଓ ମାନବପ୍ରେମ ସମସ୍ତଙ୍କ ପାଇଁ ଅନୁକରଣୀୟ।
ଏଠାରେ ଲେଖକ ସ୍ୱାମୀଜୀଙ୍କ ବାଣୀ ଉଦ୍ଧାର କରି କହିଛନ୍ତି ଯେ ମଣିଷର ସେବା ହିଁ ଭଗବାନଙ୍କ ସେବା। ଦରିଦ୍ର ନାରାୟଣଙ୍କ ସେବାରେ ଜୀବନ ଉତ୍ସର୍ଗ କରିବା ହିଁ ପ୍ରକୃତ ଧର୍ମ।
କିମ୍ବା, "ଯେତେବେଳେ ........... ଧ୍ୱଜା ଉଡ଼ିବ।"
ଉକ୍ତ ଗଦ୍ୟାଂଶଟି ପାଠ୍ୟ 'ସଭ୍ୟତା ଓ ବିଜ୍ଞାନ' ପ୍ରବନ୍ଧରୁ ସଂଗୃହୀତ। ଏଠାରେ ଲେଖକ ଆଧୁନିକ ସଭ୍ୟତାର ଆଦର୍ଶ ସମ୍ପର୍କରେ ଆଲୋଚନା କରିଛନ୍ତି।
ଆଧୁନିକ ସଭ୍ୟତା ବିଜ୍ଞାନର ଉପରେ ପ୍ରତିଷ୍ଠିତ। ବିଜ୍ଞାନ ମଣିଷକୁ ଅନେକ ସୁବିଧା ଦେଇଛି, କିନ୍ତୁ ଯେତେବେଳେ ମଣିଷ ଏହାକୁ ଭୁଲ୍ ଭାବରେ ବ୍ୟବହାର କରେ, ସେତେବେଳେ ତାହା ବିନାଶର କାରଣ ହୁଏ। ସଭ୍ୟତାର ପ୍ରକୃତ ଆଦର୍ଶ ହେଉଛି ମୈତ୍ରୀ ଓ ଶାନ୍ତି।
୧୩। (କ) ଛାତ୍ର ଜୀବନ ଓ ସମାଜସେବା
ଛାତ୍ର ଜୀବନ ମନୁଷ୍ୟ ଜୀବନର ସର୍ବଶ୍ରେଷ୍ଠ ସମୟ। ଏହି ସମୟରେ ଛାତ୍ରଛାତ୍ରୀମାନେ ଜ୍ଞାନ ଅର୍ଜନ ସହିତ ଚରିତ୍ର ଗଠନ କରନ୍ତି। ସମାଜସେବା ମାଧ୍ୟମରେ ସେମାନେ ସମାଜ ପ୍ରତି ନିଜ କର୍ତ୍ତବ୍ୟ ଶିଖନ୍ତି। ନିରକ୍ଷରତା ଦୂରୀକରଣ, ସ୍ୱଚ୍ଛତା ଅଭିଯାନ, ବୃକ୍ଷରୋପଣ, ରୋଗୀ ସେବା ଆଦି କାର୍ଯ୍ୟରେ ଛାତ୍ରମାନେ ସକ୍ରିୟ ଭାଗ ନେଇପାରନ୍ତି। ପ୍ରାକୃତିକ ବିପର୍ଯ୍ୟୟ ସମୟରେ ଛାତ୍ରମାନଙ୍କ ସେବା ଅତ୍ୟନ୍ତ ମୂଲ୍ୟବାନ।
ଅବଶିଷ୍ଟାଂଶ ପରବର୍ତ୍ତୀ ପୃଷ୍ଠାରେ...
